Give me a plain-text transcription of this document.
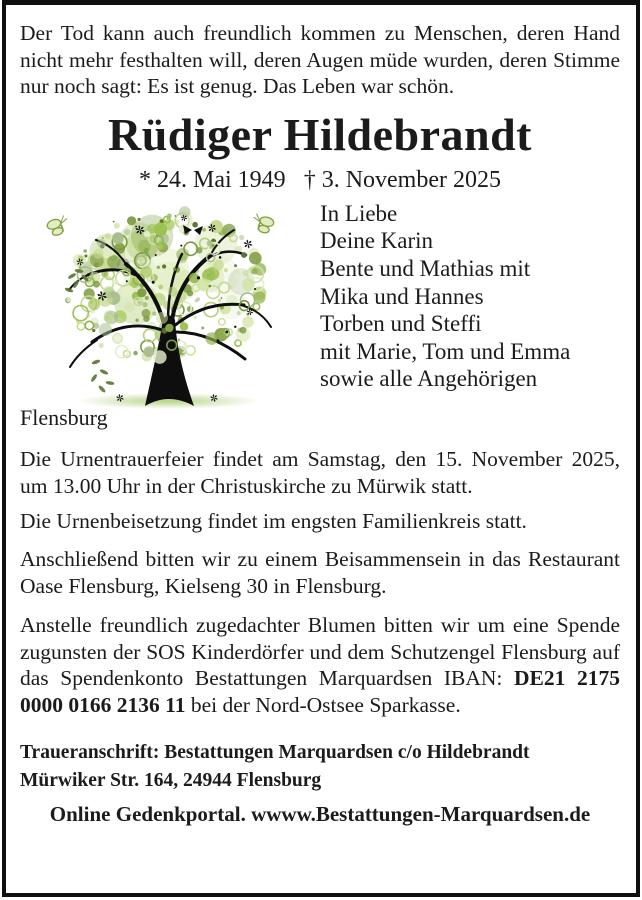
Der Tod kann auch freundlich kommen zu Menschen, deren Hand nicht mehr festhalten will, deren Augen müde wurden, deren Stimme nur noch sagt: Es ist genug. Das Leben war schön.

Rüdiger Hildebrandt
* 24. Mai 1949 † 3. November 2025
In Liebe
Deine Karin
Bente und Mathias mit
Mika und Hannes
Torben und Steffi
mit Marie, Tom und Emma
sowie alle Angehörigen
Flensburg

Die Urnentrauerfeier findet am Samstag, den 15. November 2025, um 13.00 Uhr in der Christuskirche zu Mürwik statt.

Die Urnenbeisetzung findet im engsten Familienkreis statt.

Anschließend bitten wir zu einem Beisammensein in das Restaurant Oase Flensburg, Kielseng 30 in Flensburg.

Anstelle freundlich zugedachter Blumen bitten wir um eine Spende zugunsten der SOS Kinderdörfer und dem Schutzengel Flensburg auf das Spendenkonto Bestattungen Marquardsen IBAN: DE21 2175 0000 0166 2136 11 bei der Nord-Ostsee Sparkasse.

Traueranschrift: Bestattungen Marquardsen c/o Hildebrandt
Mürwiker Str. 164, 24944 Flensburg
Online Gedenkportal. wwww.Bestattungen-Marquardsen.de
